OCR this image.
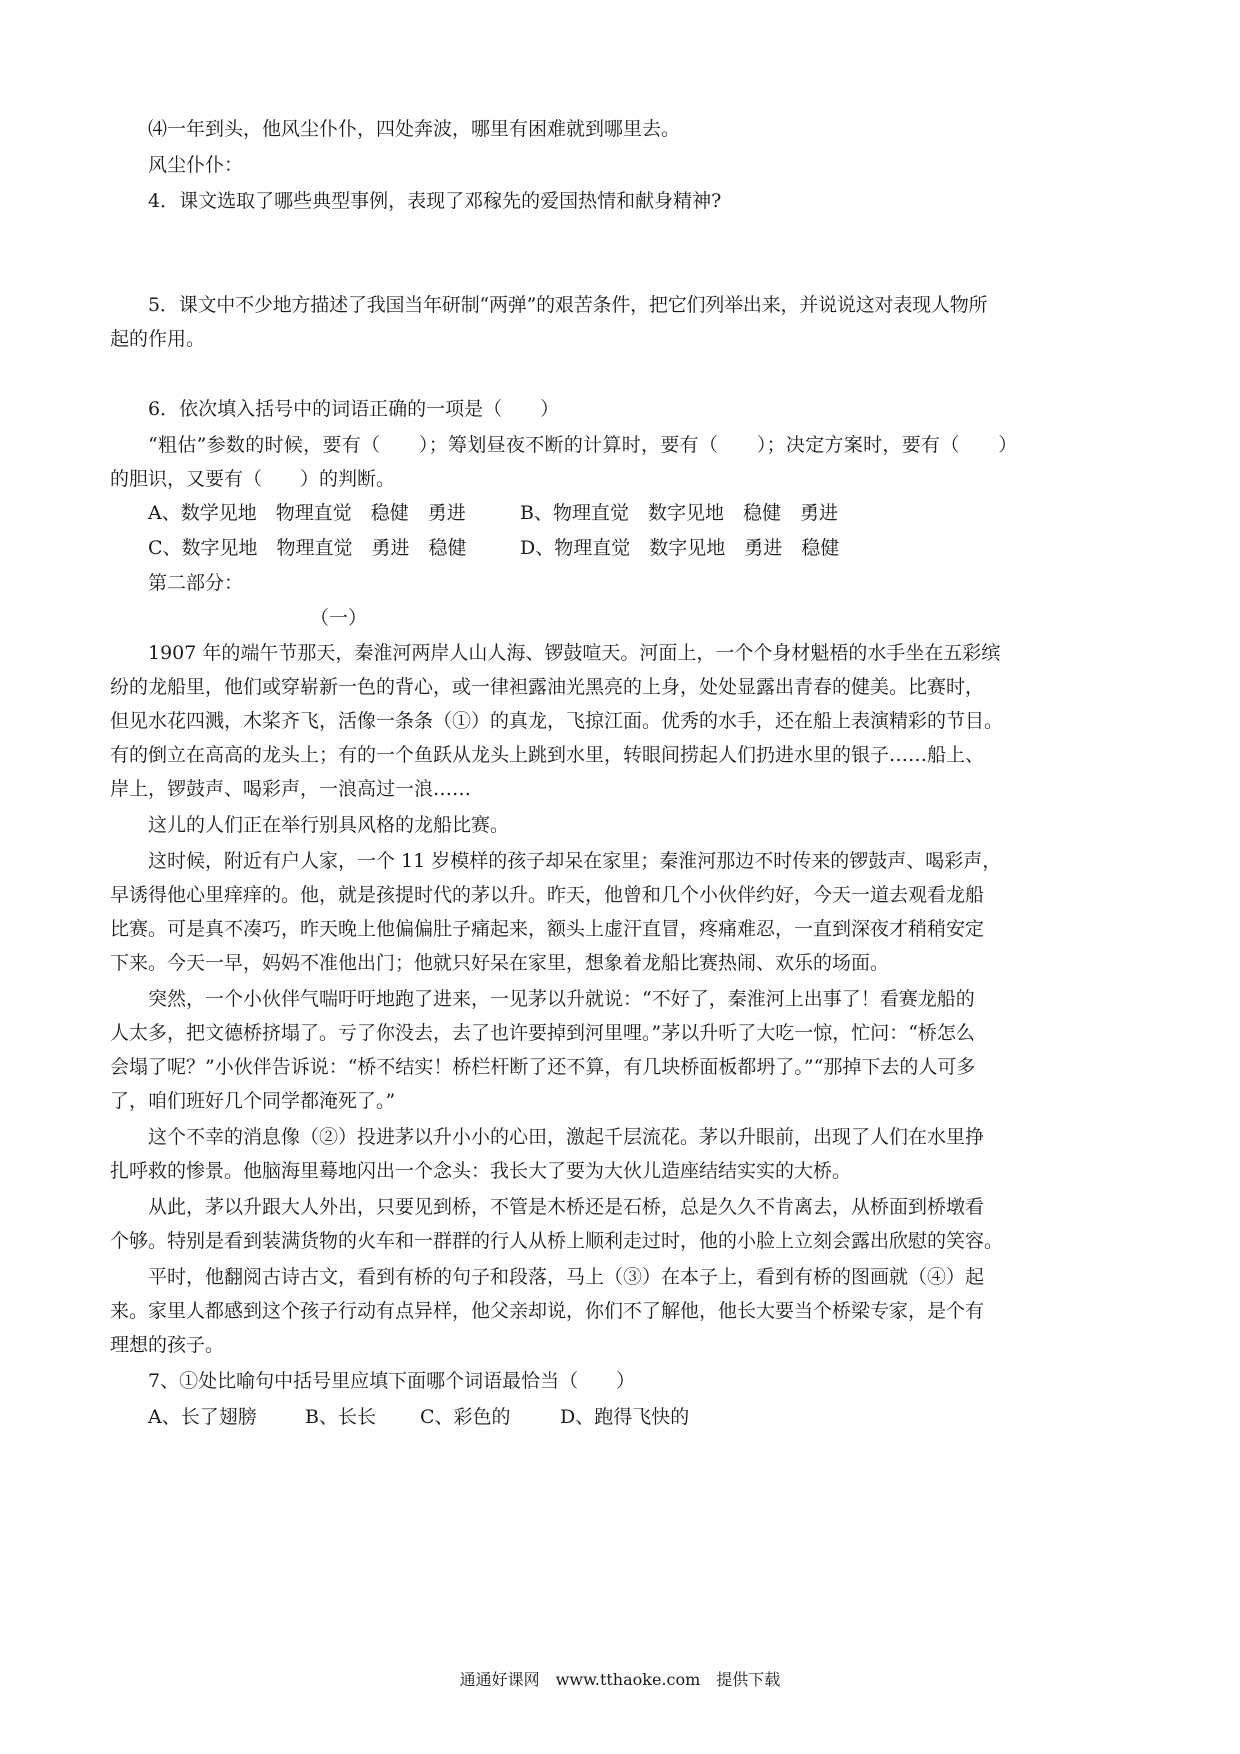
⑷一年到头，他风尘仆仆，四处奔波，哪里有困难就到哪里去。

风尘仆仆：

4．课文选取了哪些典型事例，表现了邓稼先的爱国热情和献身精神?

5．课文中不少地方描述了我国当年研制“两弹”的艰苦条件，把它们列举出来，并说说这对表现人物所

起的作用。

6．依次填入括号中的词语正确的一项是（　　）

“粗估”参数的时候，要有（　　）；筹划昼夜不断的计算时，要有（　　）；决定方案时，要有（　　）

的胆识，又要有（　　）的判断。

A、数学见地　物理直觉　稳健　勇进	B、物理直觉　数字见地　稳健　勇进
C、数字见地　物理直觉　勇进　稳健	D、物理直觉　数字见地　勇进　稳健

第二部分：

（一）

1907 年的端午节那天，秦淮河两岸人山人海、锣鼓喧天。河面上，一个个身材魁梧的水手坐在五彩缤

纷的龙船里，他们或穿崭新一色的背心，或一律袒露油光黑亮的上身，处处显露出青春的健美。比赛时，

但见水花四溅，木桨齐飞，活像一条条（①）的真龙，飞掠江面。优秀的水手，还在船上表演精彩的节目。

有的倒立在高高的龙头上；有的一个鱼跃从龙头上跳到水里，转眼间捞起人们扔进水里的银子……船上、

岸上，锣鼓声、喝彩声，一浪高过一浪……

这儿的人们正在举行别具风格的龙船比赛。

这时候，附近有户人家，一个 11 岁模样的孩子却呆在家里；秦淮河那边不时传来的锣鼓声、喝彩声，

早诱得他心里痒痒的。他，就是孩提时代的茅以升。昨天，他曾和几个小伙伴约好，今天一道去观看龙船

比赛。可是真不凑巧，昨天晚上他偏偏肚子痛起来，额头上虚汗直冒，疼痛难忍，一直到深夜才稍稍安定

下来。今天一早，妈妈不准他出门；他就只好呆在家里，想象着龙船比赛热闹、欢乐的场面。

突然，一个小伙伴气喘吁吁地跑了进来，一见茅以升就说：“不好了，秦淮河上出事了！看赛龙船的

人太多，把文德桥挤塌了。亏了你没去，去了也许要掉到河里哩。”茅以升听了大吃一惊，忙问：“桥怎么

会塌了呢？”小伙伴告诉说：“桥不结实！桥栏杆断了还不算，有几块桥面板都坍了。”“那掉下去的人可多

了，咱们班好几个同学都淹死了。”

这个不幸的消息像（②）投进茅以升小小的心田，激起千层流花。茅以升眼前，出现了人们在水里挣

扎呼救的惨景。他脑海里蓦地闪出一个念头：我长大了要为大伙儿造座结结实实的大桥。

从此，茅以升跟大人外出，只要见到桥，不管是木桥还是石桥，总是久久不肯离去，从桥面到桥墩看

个够。特别是看到装满货物的火车和一群群的行人从桥上顺利走过时，他的小脸上立刻会露出欣慰的笑容。

平时，他翻阅古诗古文，看到有桥的句子和段落，马上（③）在本子上，看到有桥的图画就（④）起

来。家里人都感到这个孩子行动有点异样，他父亲却说，你们不了解他，他长大要当个桥梁专家，是个有

理想的孩子。

7、①处比喻句中括号里应填下面哪个词语最恰当（　　）

A、长了翅膀	B、长长 C、彩色的	D、跑得飞快的
通通好课网　www.tthaoke.com　提供下载
